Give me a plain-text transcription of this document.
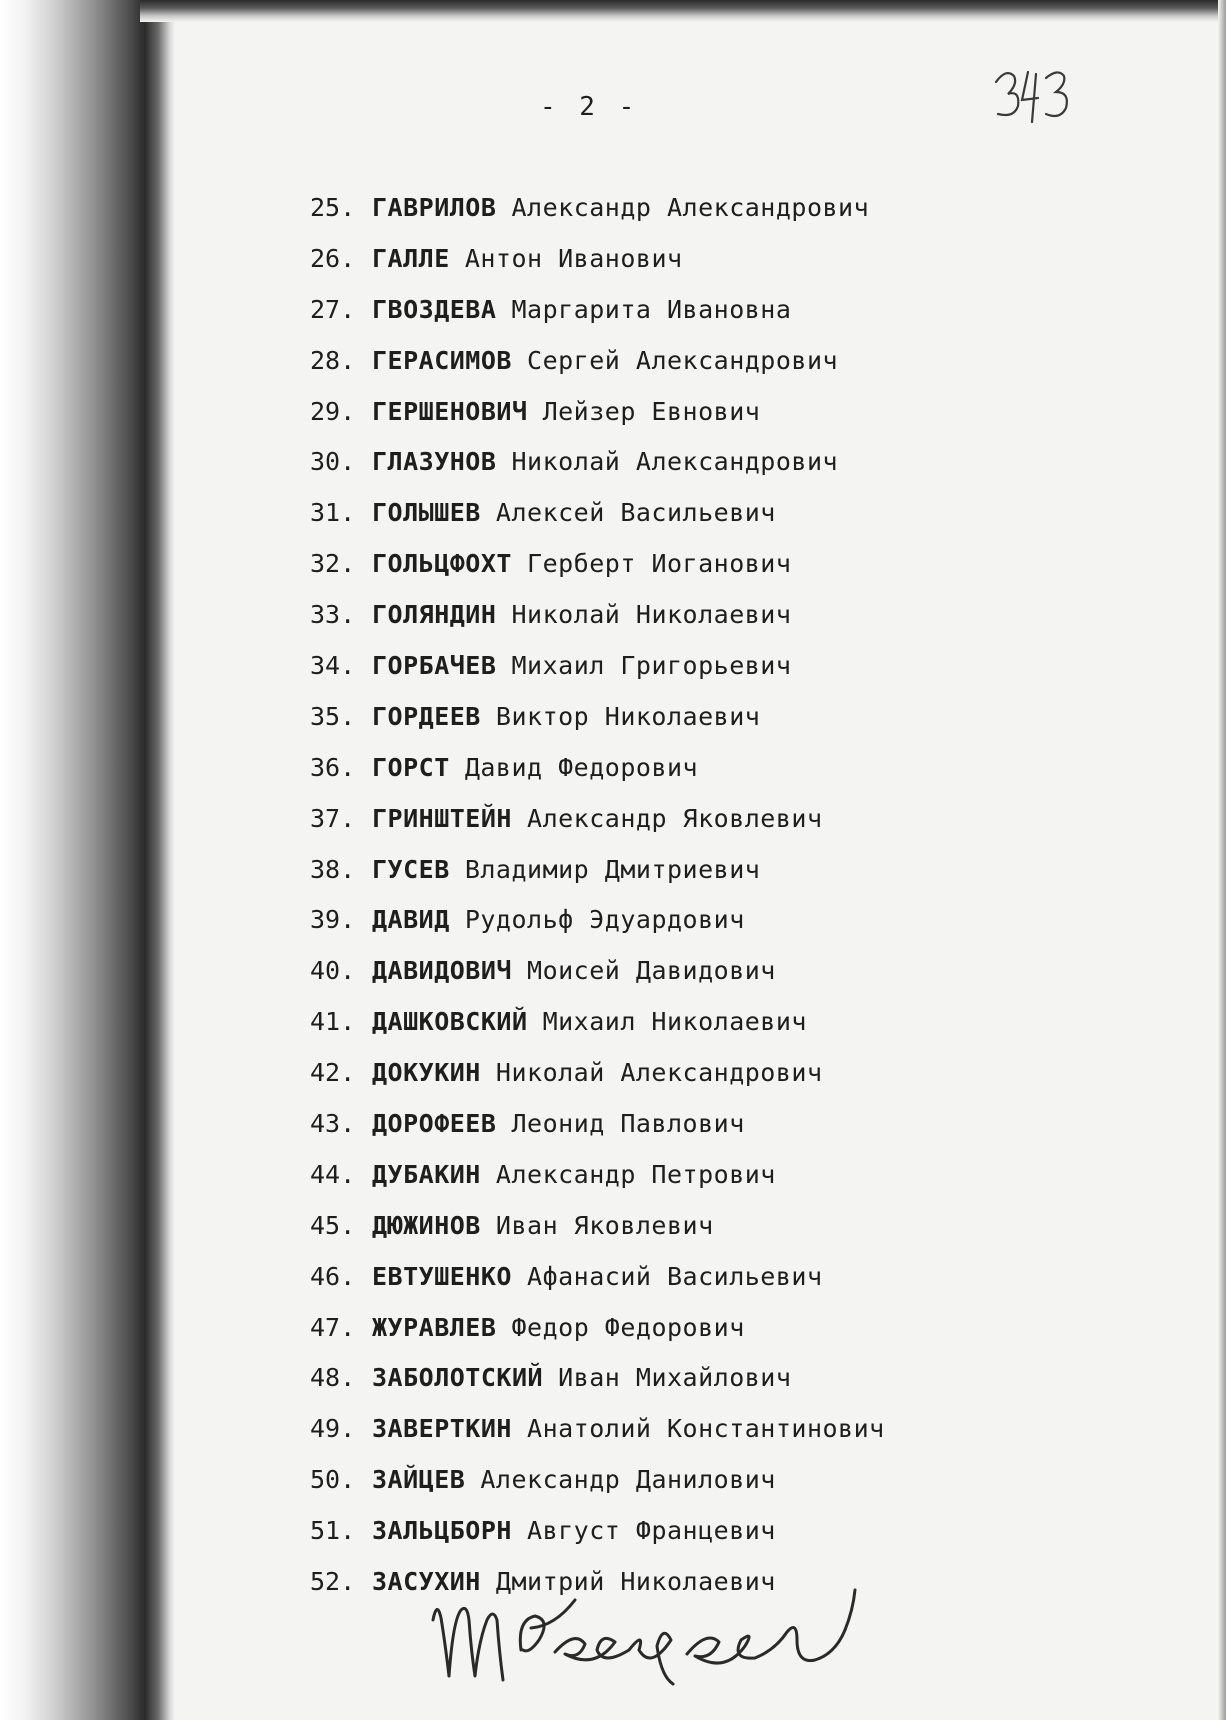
- 2 -
25. ГАВРИЛОВ Александр Александрович
26. ГАЛЛЕ Антон Иванович
27. ГВОЗДЕВА Маргарита Ивановна
28. ГЕРАСИМОВ Сергей Александрович
29. ГЕРШЕНОВИЧ Лейзер Евнович
30. ГЛАЗУНОВ Николай Александрович
31. ГОЛЫШЕВ Алексей Васильевич
32. ГОЛЬЦФОХТ Герберт Иоганович
33. ГОЛЯНДИН Николай Николаевич
34. ГОРБАЧЕВ Михаил Григорьевич
35. ГОРДЕЕВ Виктор Николаевич
36. ГОРСТ Давид Федорович
37. ГРИНШТЕЙН Александр Яковлевич
38. ГУСЕВ Владимир Дмитриевич
39. ДАВИД Рудольф Эдуардович
40. ДАВИДОВИЧ Моисей Давидович
41. ДАШКОВСКИЙ Михаил Николаевич
42. ДОКУКИН Николай Александрович
43. ДОРОФЕЕВ Леонид Павлович
44. ДУБАКИН Александр Петрович
45. ДЮЖИНОВ Иван Яковлевич
46. ЕВТУШЕНКО Афанасий Васильевич
47. ЖУРАВЛЕВ Федор Федорович
48. ЗАБОЛОТСКИЙ Иван Михайлович
49. ЗАВЕРТКИН Анатолий Константинович
50. ЗАЙЦЕВ Александр Данилович
51. ЗАЛЬЦБОРН Август Францевич
52. ЗАСУХИН Дмитрий Николаевич
